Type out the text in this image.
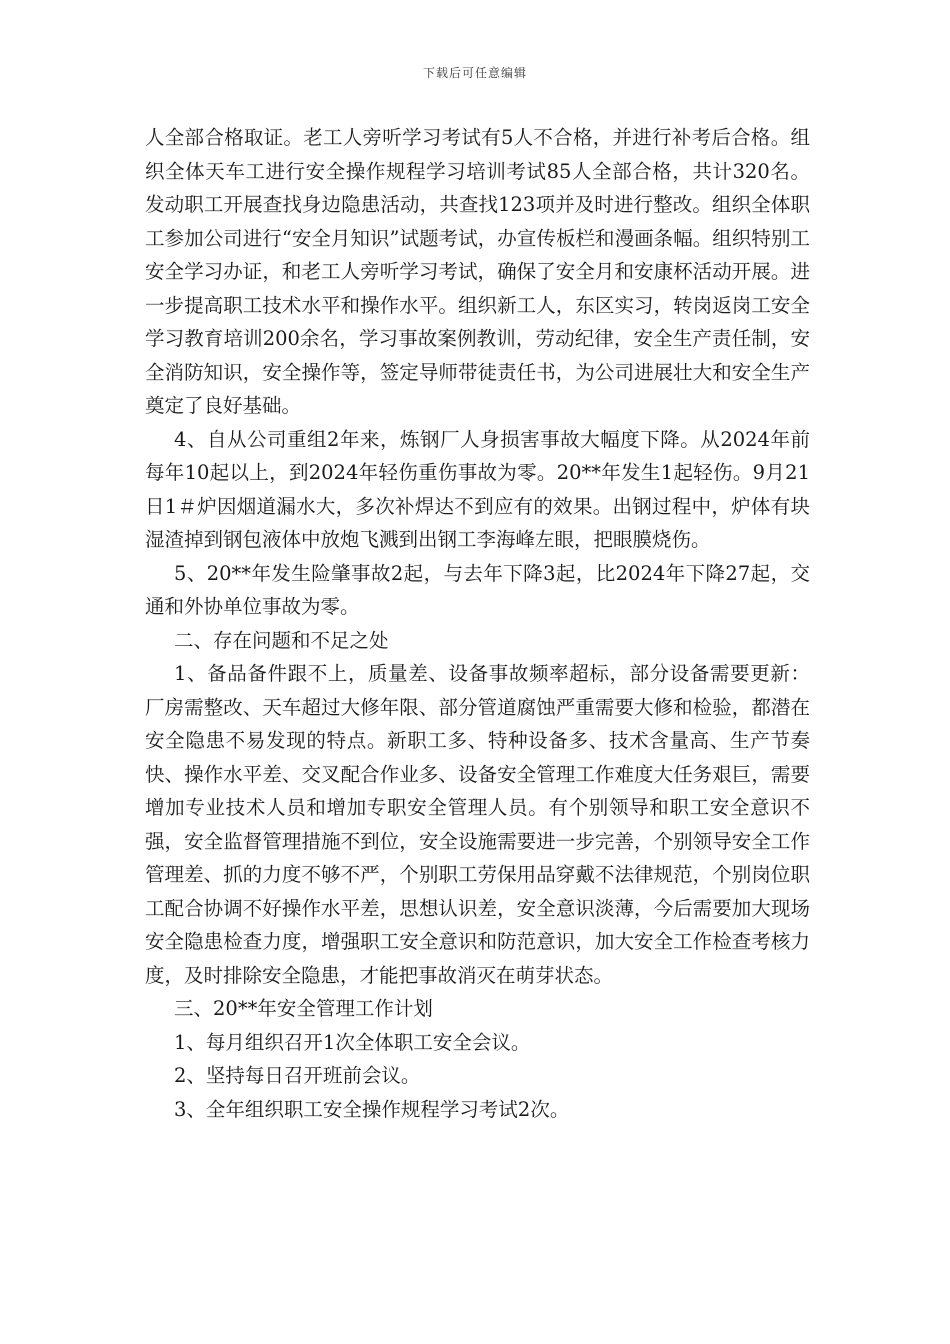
下载后可任意编辑

人全部合格取证。老工人旁听学习考试有5人不合格，并进行补考后合格。组织全体天车工进行安全操作规程学习培训考试85人全部合格，共计320名。发动职工开展查找身边隐患活动，共查找123项并及时进行整改。组织全体职工参加公司进行“安全月知识”试题考试，办宣传板栏和漫画条幅。组织特别工安全学习办证，和老工人旁听学习考试，确保了安全月和安康杯活动开展。进一步提高职工技术水平和操作水平。组织新工人，东区实习，转岗返岗工安全学习教育培训200余名，学习事故案例教训，劳动纪律，安全生产责任制，安全消防知识，安全操作等，签定导师带徒责任书，为公司进展壮大和安全生产奠定了良好基础。

4、自从公司重组2年来，炼钢厂人身损害事故大幅度下降。从2024年前每年10起以上，到2024年轻伤重伤事故为零。20**年发生1起轻伤。9月21日1＃炉因烟道漏水大，多次补焊达不到应有的效果。出钢过程中，炉体有块湿渣掉到钢包液体中放炮飞溅到出钢工李海峰左眼，把眼膜烧伤。

5、20**年发生险肇事故2起，与去年下降3起，比2024年下降27起，交通和外协单位事故为零。

二、存在问题和不足之处

1、备品备件跟不上，质量差、设备事故频率超标，部分设备需要更新：厂房需整改、天车超过大修年限、部分管道腐蚀严重需要大修和检验，都潜在安全隐患不易发现的特点。新职工多、特种设备多、技术含量高、生产节奏快、操作水平差、交叉配合作业多、设备安全管理工作难度大任务艰巨，需要增加专业技术人员和增加专职安全管理人员。有个别领导和职工安全意识不强，安全监督管理措施不到位，安全设施需要进一步完善，个别领导安全工作管理差、抓的力度不够不严，个别职工劳保用品穿戴不法律规范，个别岗位职工配合协调不好操作水平差，思想认识差，安全意识淡薄，今后需要加大现场安全隐患检查力度，增强职工安全意识和防范意识，加大安全工作检查考核力度，及时排除安全隐患，才能把事故消灭在萌芽状态。

三、20**年安全管理工作计划

1、每月组织召开1次全体职工安全会议。

2、坚持每日召开班前会议。

3、全年组织职工安全操作规程学习考试2次。
